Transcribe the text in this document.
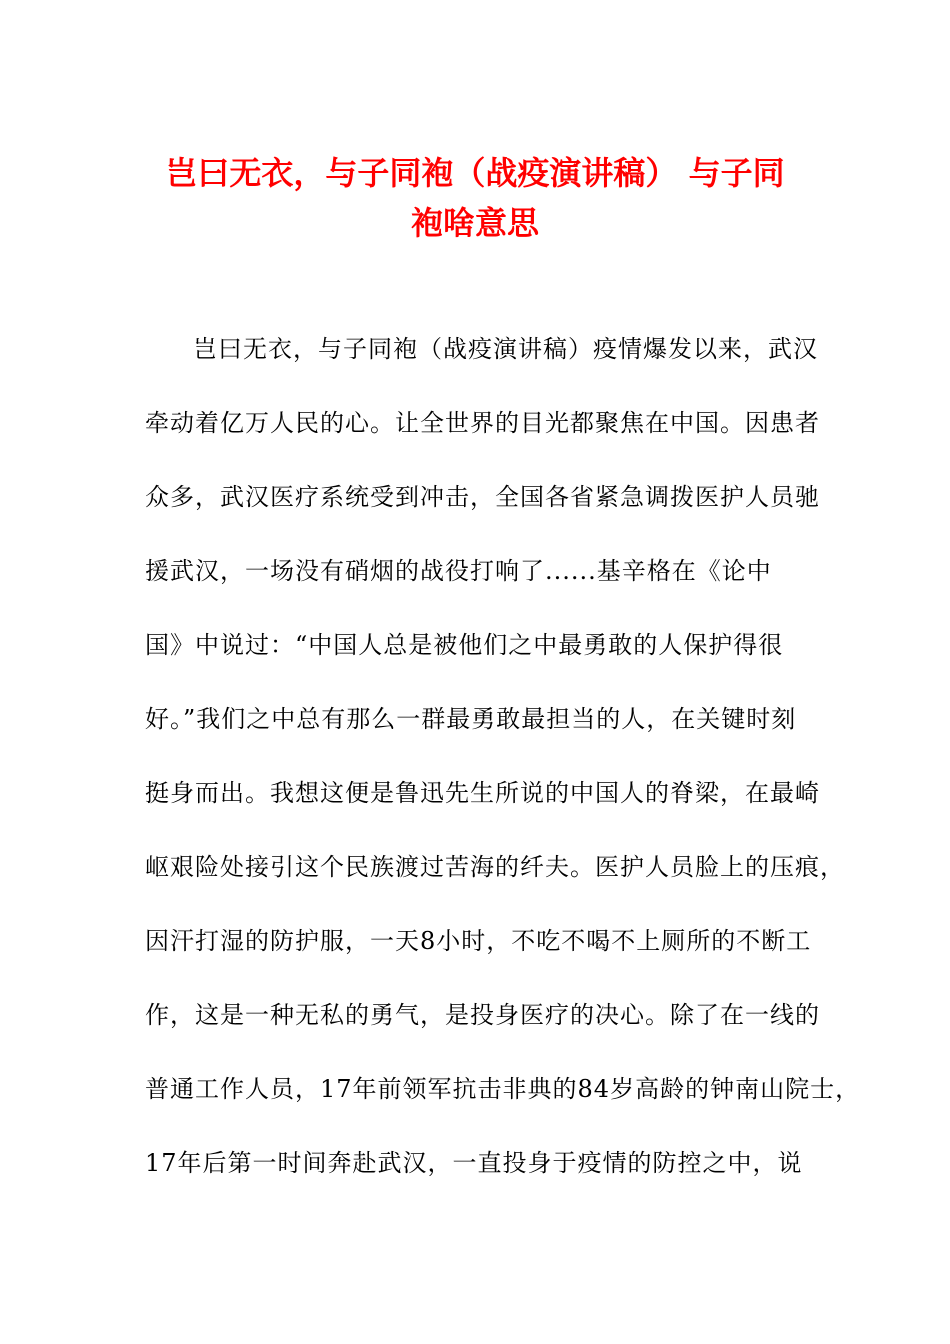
岂曰无衣，与子同袍（战疫演讲稿） 与子同
袍啥意思
岂曰无衣，与子同袍（战疫演讲稿）疫情爆发以来，武汉
牵动着亿万人民的心。让全世界的目光都聚焦在中国。因患者
众多，武汉医疗系统受到冲击，全国各省紧急调拨医护人员驰
援武汉，一场没有硝烟的战役打响了......基辛格在《论中
国》中说过：“中国人总是被他们之中最勇敢的人保护得很
好。”我们之中总有那么一群最勇敢最担当的人，在关键时刻
挺身而出。我想这便是鲁迅先生所说的中国人的脊梁，在最崎
岖艰险处接引这个民族渡过苦海的纤夫。医护人员脸上的压痕，
因汗打湿的防护服，一天8小时，不吃不喝不上厕所的不断工
作，这是一种无私的勇气，是投身医疗的决心。除了在一线的
普通工作人员，17年前领军抗击非典的84岁高龄的钟南山院士，
17年后第一时间奔赴武汉，一直投身于疫情的防控之中，说
